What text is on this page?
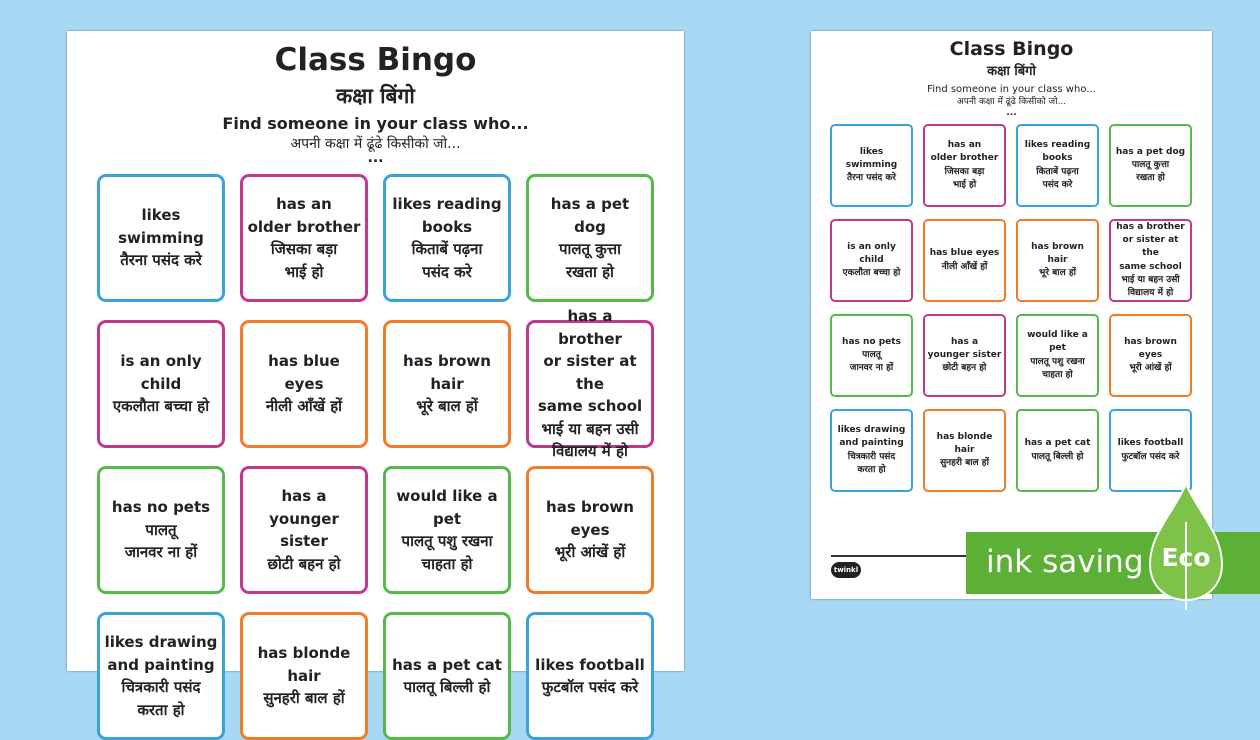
Class Bingo
कक्षा बिंगो
Find someone in your class who...
अपनी कक्षा में ढूंढे किसीको जो...
...
likes
swimming
तैरना पसंद करे
has an
older brother
जिसका बड़ा
भाई हो
likes reading
books
किताबें पढ़ना
पसंद करे
has a pet dog
पालतू कुत्ता
रखता हो
is an only
child
एकलौता बच्चा हो
has blue eyes
नीली आँखें हों
has brown
hair
भूरे बाल हों
has a brother
or sister at the
same school
भाई या बहन उसी
विद्यालय में हो
has no pets
पालतू
जानवर ना हों
has a
younger sister
छोटी बहन हो
would like a
pet
पालतू पशु रखना
चाहता हो
has brown
eyes
भूरी आंखें हों
likes drawing
and painting
चित्रकारी पसंद
करता हो
has blonde
hair
सुनहरी बाल हों
has a pet cat
पालतू बिल्ली हो
likes football
फुटबॉल पसंद करे
Class Bingo
कक्षा बिंगो
Find someone in your class who...
अपनी कक्षा में ढूंढे किसीको जो...
...
likes
swimming
तैरना पसंद करे
has an
older brother
जिसका बड़ा
भाई हो
likes reading
books
किताबें पढ़ना
पसंद करे
has a pet dog
पालतू कुत्ता
रखता हो
is an only
child
एकलौता बच्चा हो
has blue eyes
नीली आँखें हों
has brown
hair
भूरे बाल हों
has a brother
or sister at the
same school
भाई या बहन उसी
विद्यालय में हो
has no pets
पालतू
जानवर ना हों
has a
younger sister
छोटी बहन हो
would like a
pet
पालतू पशु रखना
चाहता हो
has brown
eyes
भूरी आंखें हों
likes drawing
and painting
चित्रकारी पसंद
करता हो
has blonde
hair
सुनहरी बाल हों
has a pet cat
पालतू बिल्ली हो
likes football
फुटबॉल पसंद करे
twinkl	ink saving Eco
